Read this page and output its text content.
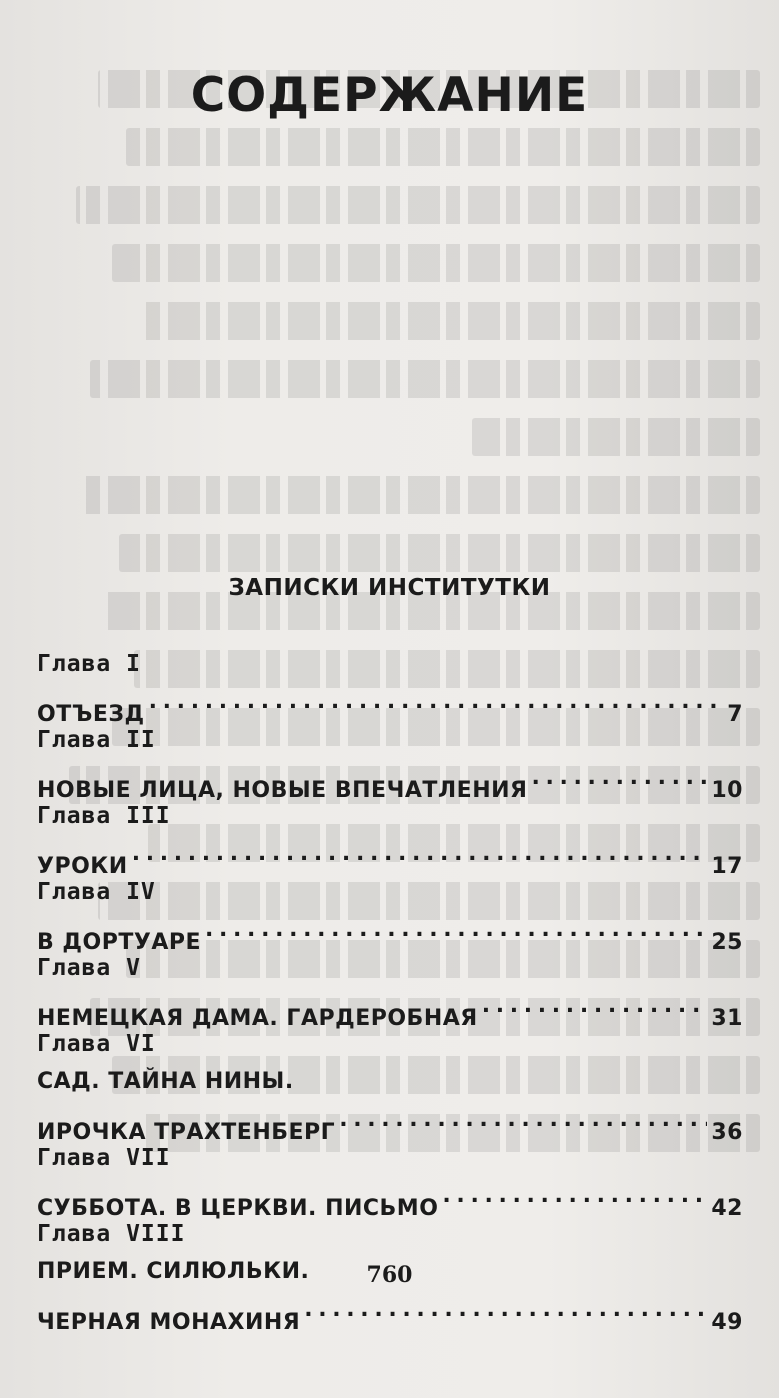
СОДЕРЖАНИЕ
ЗАПИСКИ ИНСТИТУТКИ
Глава I
ОТЪЕЗД . . .	7
Глава II
НОВЫЕ ЛИЦА, НОВЫЕ ВПЕЧАТЛЕНИЯ . . .	10
Глава III
УРОКИ . . .	17
Глава IV
В ДОРТУАРЕ . . .	25
Глава V
НЕМЕЦКАЯ ДАМА. ГАРДЕРОБНАЯ . . .	31
Глава VI
САД. ТАЙНА НИНЫ.
ИРОЧКА ТРАХТЕНБЕРГ . . .	36
Глава VII
СУББОТА. В ЦЕРКВИ. ПИСЬМО . . .	42
Глава VIII
ПРИЕМ. СИЛЮЛЬКИ.
ЧЕРНАЯ МОНАХИНЯ . . .	49
760
